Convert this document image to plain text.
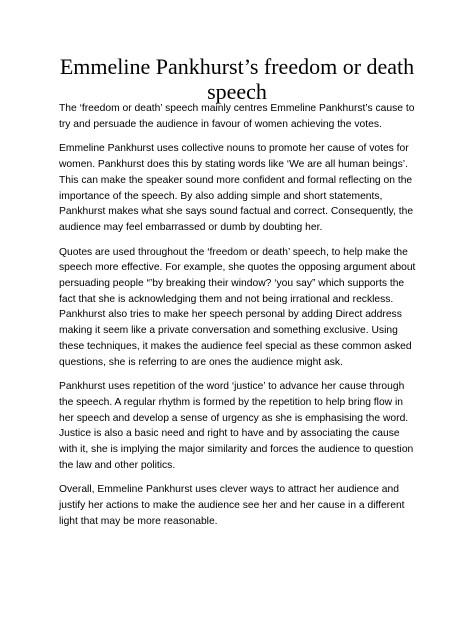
Emmeline Pankhurst’s freedom or death speech

The ‘freedom or death’ speech mainly centres Emmeline Pankhurst’s cause to try and persuade the audience in favour of women achieving the votes.

Emmeline Pankhurst uses collective nouns to promote her cause of votes for women. Pankhurst does this by stating words like ‘We are all human beings’. This can make the speaker sound more confident and formal reflecting on the importance of the speech. By also adding simple and short statements, Pankhurst makes what she says sound factual and correct. Consequently, the audience may feel embarrassed or dumb by doubting her.

Quotes are used throughout the ‘freedom or death’ speech, to help make the speech more effective. For example, she quotes the opposing argument about persuading people “’by breaking their window? ‘you say” which supports the fact that she is acknowledging them and not being irrational and reckless. Pankhurst also tries to make her speech personal by adding Direct address making it seem like a private conversation and something exclusive. Using these techniques, it makes the audience feel special as these common asked questions, she is referring to are ones the audience might ask.

Pankhurst uses repetition of the word ‘justice’ to advance her cause through the speech. A regular rhythm is formed by the repetition to help bring flow in her speech and develop a sense of urgency as she is emphasising the word. Justice is also a basic need and right to have and by associating the cause with it, she is implying the major similarity and forces the audience to question the law and other politics.

Overall, Emmeline Pankhurst uses clever ways to attract her audience and justify her actions to make the audience see her and her cause in a different light that may be more reasonable.
